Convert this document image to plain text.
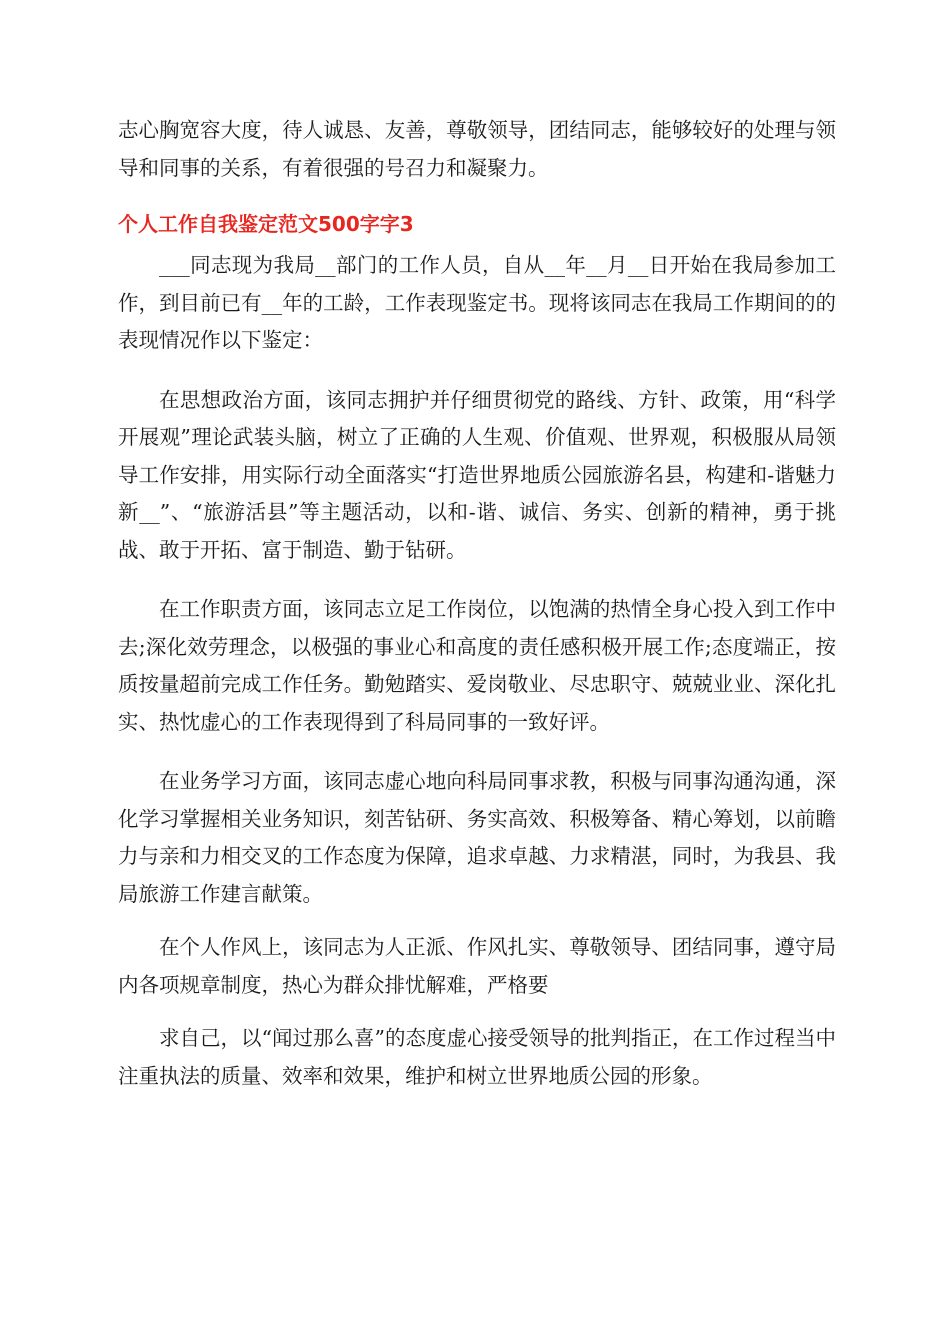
志心胸宽容大度，待人诚恳、友善，尊敬领导，团结同志，能够较好的处理与领导和同事的关系，有着很强的号召力和凝聚力。

个人工作自我鉴定范文500字字3

___同志现为我局__部门的工作人员，自从__年__月__日开始在我局参加工作，到目前已有__年的工龄，工作表现鉴定书。现将该同志在我局工作期间的的表现情况作以下鉴定：

在思想政治方面，该同志拥护并仔细贯彻党的路线、方针、政策，用“科学开展观”理论武装头脑，树立了正确的人生观、价值观、世界观，积极服从局领导工作安排，用实际行动全面落实“打造世界地质公园旅游名县，构建和-谐魅力新__”、“旅游活县”等主题活动，以和-谐、诚信、务实、创新的精神，勇于挑战、敢于开拓、富于制造、勤于钻研。

在工作职责方面，该同志立足工作岗位，以饱满的热情全身心投入到工作中去;深化效劳理念，以极强的事业心和高度的责任感积极开展工作;态度端正，按质按量超前完成工作任务。勤勉踏实、爱岗敬业、尽忠职守、兢兢业业、深化扎实、热忱虚心的工作表现得到了科局同事的一致好评。

在业务学习方面，该同志虚心地向科局同事求教，积极与同事沟通沟通，深化学习掌握相关业务知识，刻苦钻研、务实高效、积极筹备、精心筹划，以前瞻力与亲和力相交叉的工作态度为保障，追求卓越、力求精湛，同时，为我县、我局旅游工作建言献策。

在个人作风上，该同志为人正派、作风扎实、尊敬领导、团结同事，遵守局内各项规章制度，热心为群众排忧解难，严格要

求自己，以“闻过那么喜”的态度虚心接受领导的批判指正，在工作过程当中注重执法的质量、效率和效果，维护和树立世界地质公园的形象。
